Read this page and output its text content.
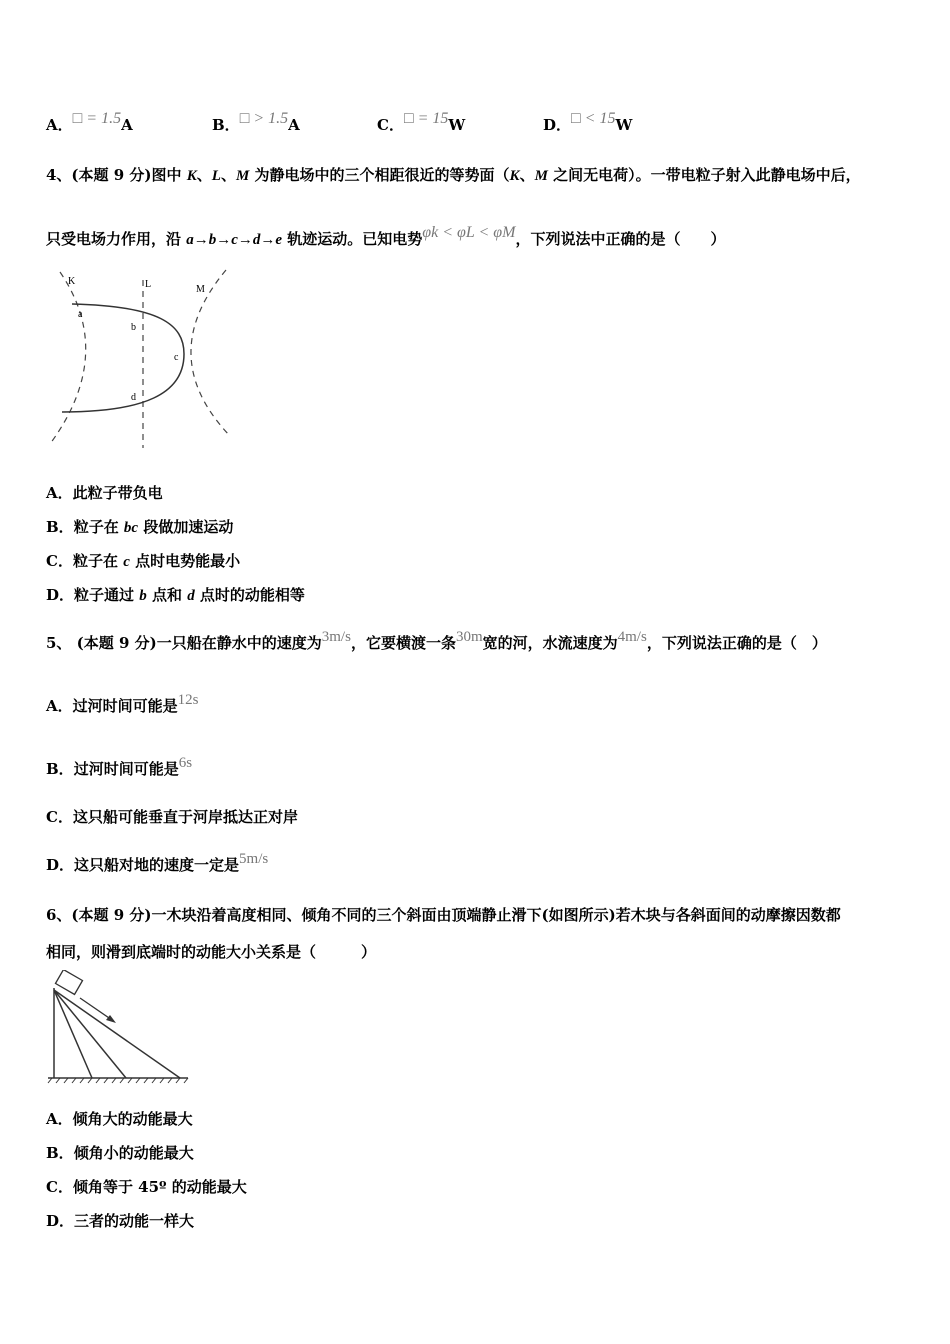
A．□ = 1.5A	B．□ > 1.5A	C．□ = 15W	D．□ < 15W
4、(本题 9 分)图中 K、L、M 为静电场中的三个相距很近的等势面（K、M 之间无电荷）。一带电粒子射入此静电场中后，
只受电场力作用，沿 a→b→c→d→e 轨迹运动。已知电势φk < φL < φM，下列说法中正确的是（　　）
K	L	M
a
b
c
d
A．此粒子带负电
B．粒子在 bc 段做加速运动
C．粒子在 c 点时电势能最小
D．粒子通过 b 点和 d 点时的动能相等
5、 (本题 9 分)一只船在静水中的速度为3m/s，它要横渡一条30m宽的河，水流速度为4m/s，下列说法正确的是（　）
A．过河时间可能是12s
B．过河时间可能是6s
C．这只船可能垂直于河岸抵达正对岸
D．这只船对地的速度一定是5m/s
6、(本题 9 分)一木块沿着高度相同、倾角不同的三个斜面由顶端静止滑下(如图所示)若木块与各斜面间的动摩擦因数都
相同，则滑到底端时的动能大小关系是（　　　）
A．倾角大的动能最大
B．倾角小的动能最大
C．倾角等于 45º 的动能最大
D．三者的动能一样大
